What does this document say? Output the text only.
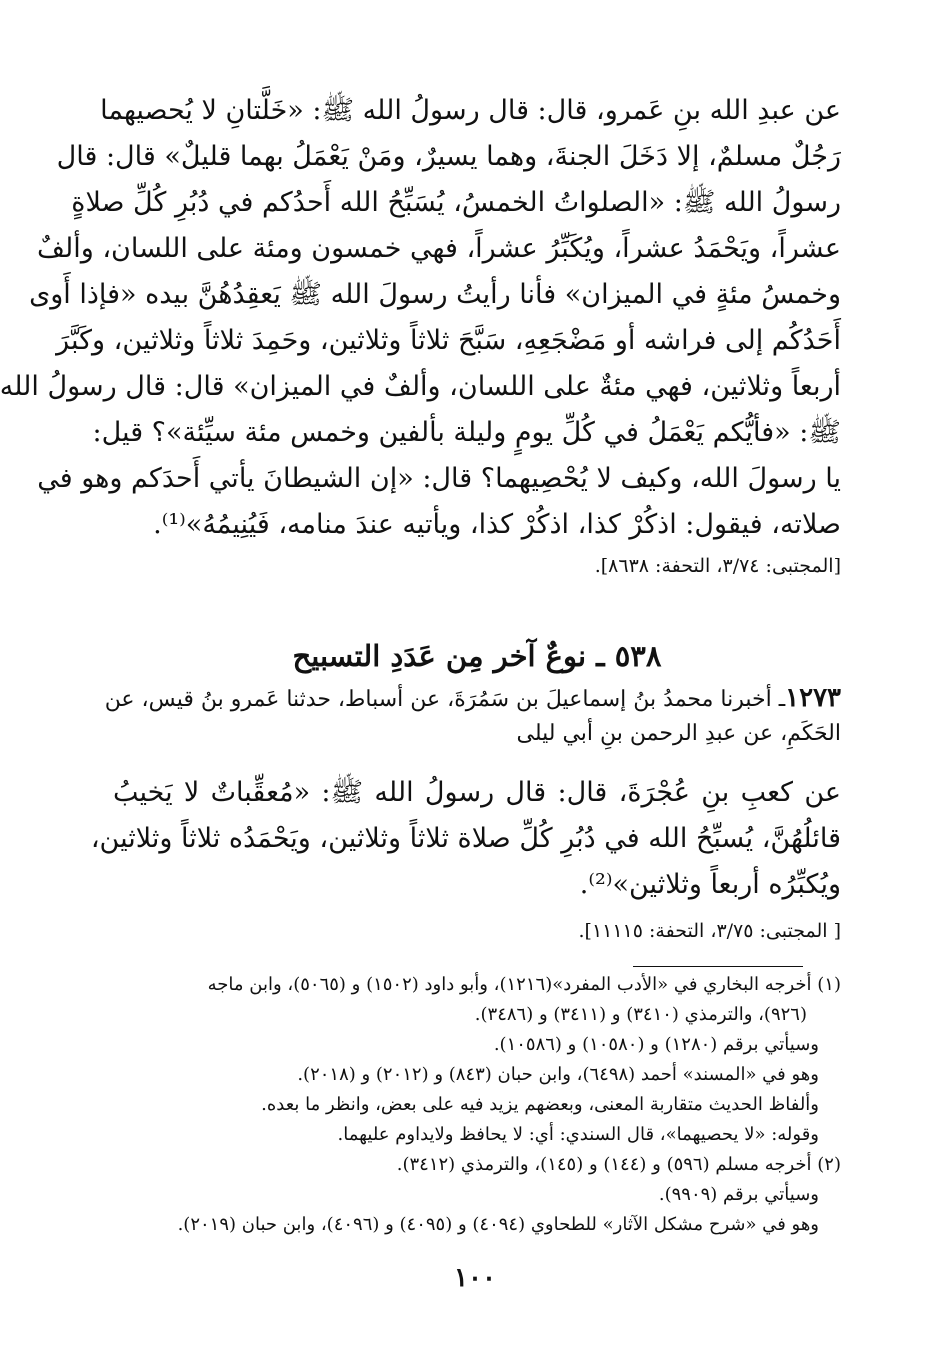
عن عبدِ الله بنِ عَمرو، قال: قال رسولُ الله ﷺ: «خَلَّتانِ لا يُحصيهما
رَجُلٌ مسلمٌ، إلا دَخَلَ الجنةَ، وهما يسيرٌ، ومَنْ يَعْمَلُ بهما قليلٌ» قال: قال
رسولُ الله ﷺ: «الصلواتُ الخمسُ، يُسَبِّحُ الله أَحدُكم في دُبُرِ كُلِّ صلاةٍ
عشراً، ويَحْمَدُ عشراً، ويُكَبِّرُ عشراً، فهي خمسون ومئة على اللسان، وألفٌ
وخمسُ مئةٍ في الميزان» فأنا رأيتُ رسولَ الله ﷺ يَعقِدُهُنَّ بيده «فإذا أَوى
أَحَدُكُم إلى فراشه أو مَضْجَعِهِ، سَبَّحَ ثلاثاً وثلاثين، وحَمِدَ ثلاثاً وثلاثين، وكَبَّرَ
أربعاً وثلاثين، فهي مئةٌ على اللسان، وألفٌ في الميزان» قال: قال رسولُ الله
ﷺ: «فأيُّكم يَعْمَلُ في كُلِّ يومٍ وليلة بألفين وخمس مئة سيِّئة»؟ قيل:
يا رسولَ الله، وكيف لا يُحْصِيهما؟ قال: «إن الشيطانَ يأتي أَحدَكم وهو في
صلاته، فيقول: اذكُرْ كذا، اذكُرْ كذا، ويأتيه عندَ منامه، فَيُنِيمُهُ»⁽¹⁾.
[المجتبى: ٣/٧٤، التحفة: ٨٦٣٨].
٥٣٨ ـ نوعٌ آخر مِن عَدَدِ التسبيح
١٢٧٣ـ أخبرنا محمدُ بنُ إسماعيلَ بن سَمُرَةَ، عن أسباط، حدثنا عَمرو بنُ قيس، عن
الحَكَمِ، عن عبدِ الرحمن بنِ أبي ليلى
عن كعبِ بنِ عُجْرَةَ، قال: قال رسولُ الله ﷺ: «مُعقِّباتٌ لا يَخيبُ
قائلُهُنَّ، يُسبِّحُ الله في دُبُرِ كُلِّ صلاة ثلاثاً وثلاثين، ويَحْمَدُه ثلاثاً وثلاثين،
ويُكبِّرُه أربعاً وثلاثين»⁽²⁾.
[ المجتبى: ٣/٧٥، التحفة: ١١١١٥].
(١) أخرجه البخاري في «الأدب المفرد»(١٢١٦)، وأبو داود (١٥٠٢) و (٥٠٦٥)، وابن ماجه
(٩٢٦)، والترمذي (٣٤١٠) و (٣٤١١) و (٣٤٨٦).
وسيأتي برقم (١٢٨٠) و (١٠٥٨٠) و (١٠٥٨٦).
وهو في «المسند» أحمد (٦٤٩٨)، وابن حبان (٨٤٣) و (٢٠١٢) و (٢٠١٨).
وألفاظ الحديث متقاربة المعنى، وبعضهم يزيد فيه على بعض، وانظر ما بعده.
وقوله: «لا يحصيهما»، قال السندي: أي: لا يحافظ ولايداوم عليهما.
(٢) أخرجه مسلم (٥٩٦) و (١٤٤) و (١٤٥)، والترمذي (٣٤١٢).
وسيأتي برقم (٩٩٠٩).
وهو في «شرح مشكل الآثار» للطحاوي (٤٠٩٤) و (٤٠٩٥) و (٤٠٩٦)، وابن حبان (٢٠١٩).
١٠٠
